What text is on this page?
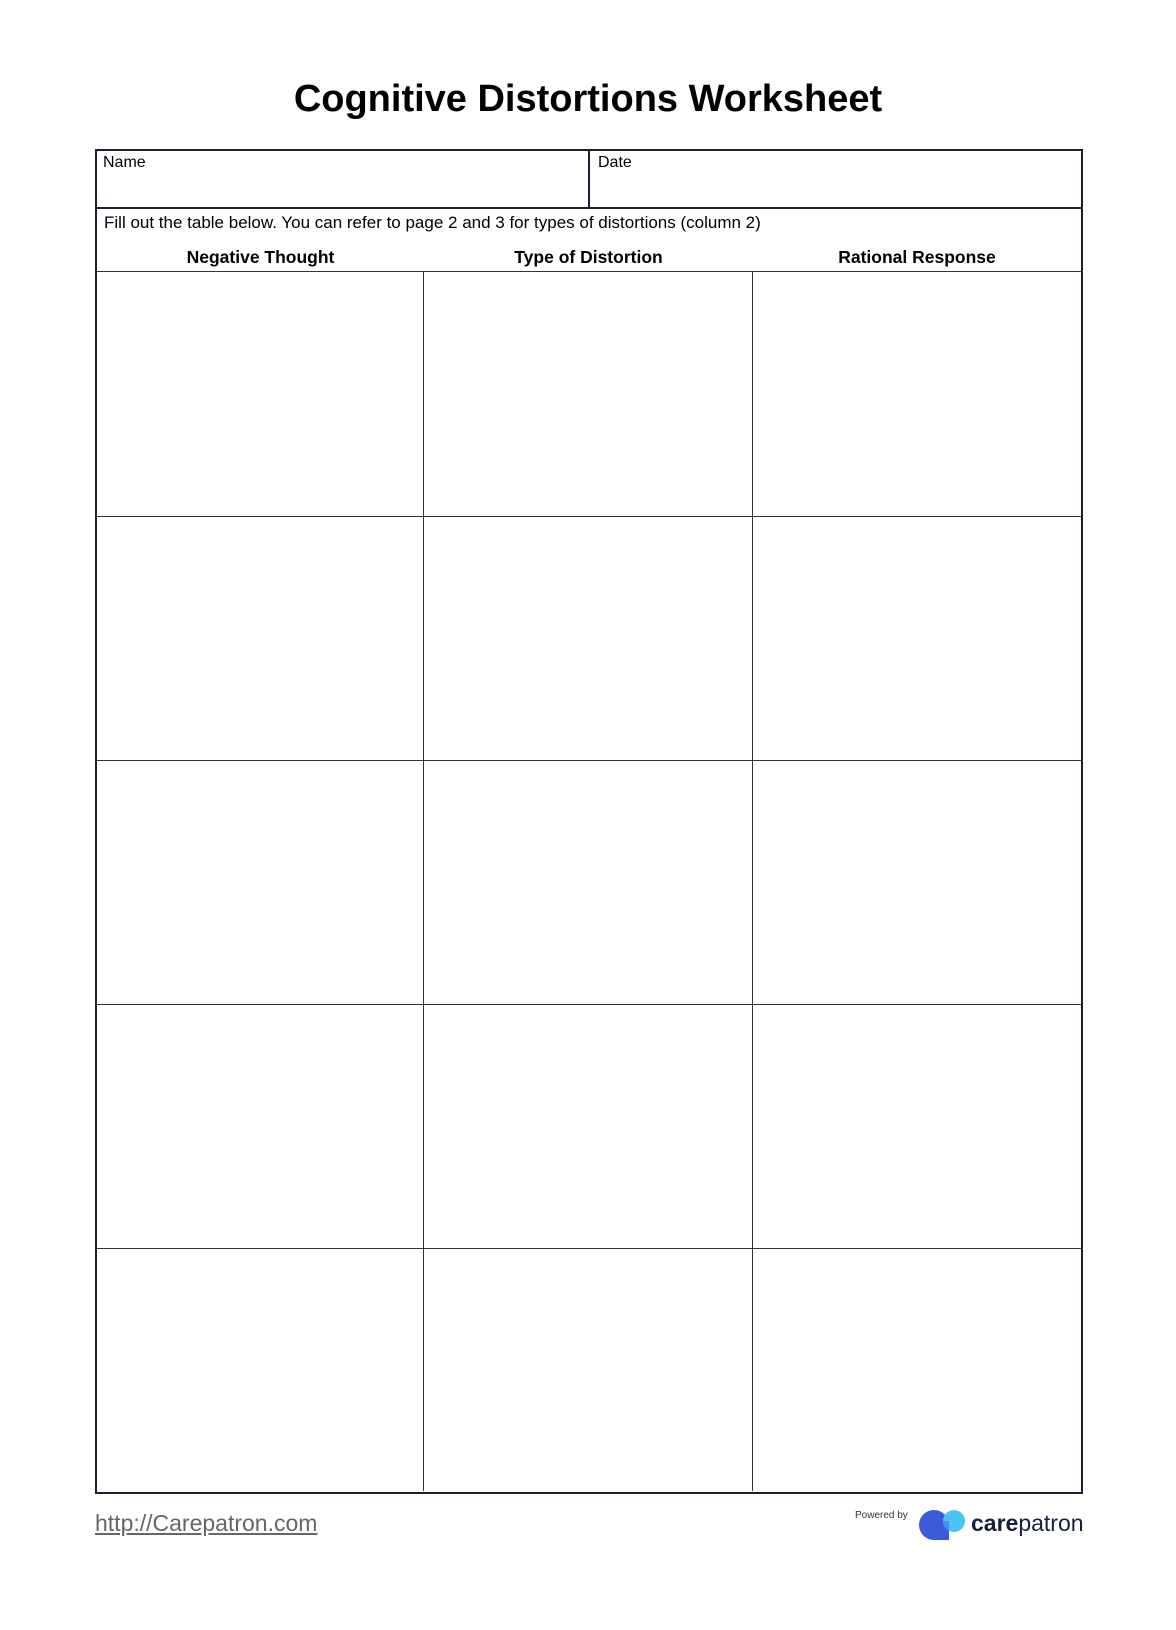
Cognitive Distortions Worksheet
Name	Date
Fill out the table below. You can refer to page 2 and 3 for types of distortions (column 2)
Negative Thought	Type of Distortion	Rational Response
http://Carepatron.com	Powered by	carepatron
